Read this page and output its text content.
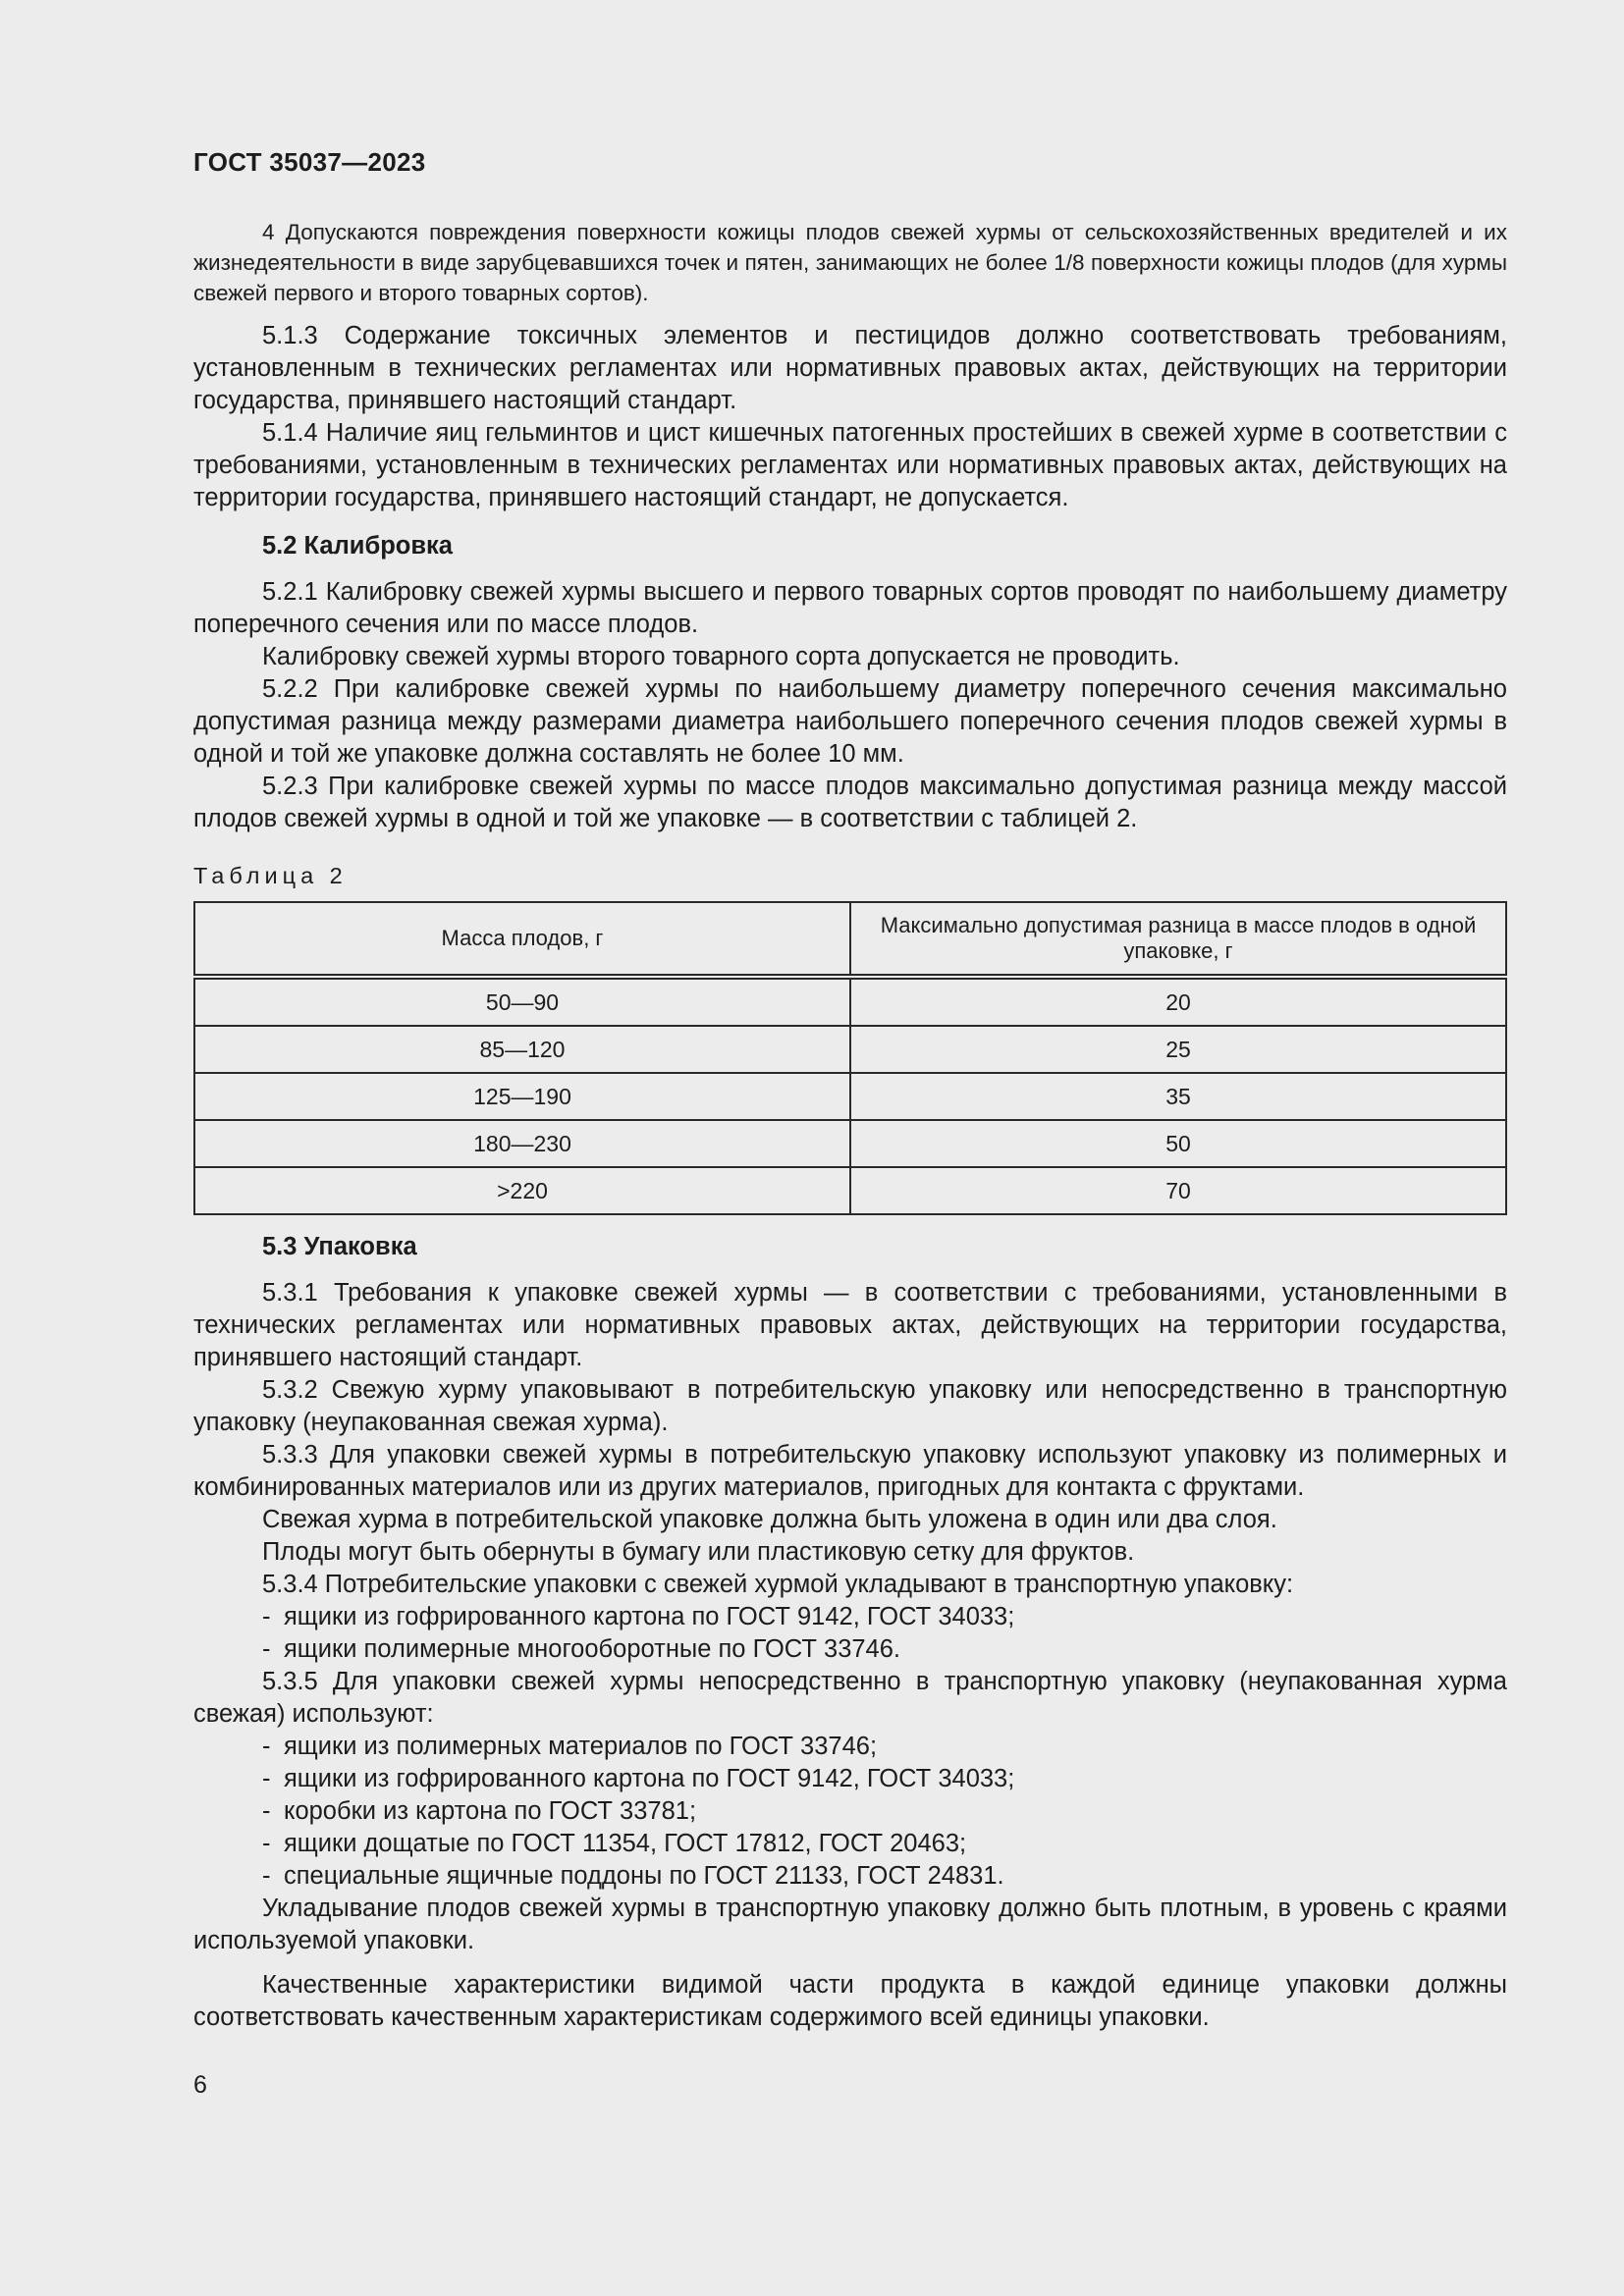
ГОСТ 35037—2023

4 Допускаются повреждения поверхности кожицы плодов свежей хурмы от сельскохозяйственных вредителей и их жизнедеятельности в виде зарубцевавшихся точек и пятен, занимающих не более 1/8 поверхности кожицы плодов (для хурмы свежей первого и второго товарных сортов).

5.1.3 Содержание токсичных элементов и пестицидов должно соответствовать требованиям, установленным в технических регламентах или нормативных правовых актах, действующих на территории государства, принявшего настоящий стандарт.

5.1.4 Наличие яиц гельминтов и цист кишечных патогенных простейших в свежей хурме в соответствии с требованиями, установленным в технических регламентах или нормативных правовых актах, действующих на территории государства, принявшего настоящий стандарт, не допускается.

5.2 Калибровка

5.2.1 Калибровку свежей хурмы высшего и первого товарных сортов проводят по наибольшему диаметру поперечного сечения или по массе плодов.

Калибровку свежей хурмы второго товарного сорта допускается не проводить.

5.2.2 При калибровке свежей хурмы по наибольшему диаметру поперечного сечения максимально допустимая разница между размерами диаметра наибольшего поперечного сечения плодов свежей хурмы в одной и той же упаковке должна составлять не более 10 мм.

5.2.3 При калибровке свежей хурмы по массе плодов максимально допустимая разница между массой плодов свежей хурмы в одной и той же упаковке — в соответствии с таблицей 2.

Таблица 2
Масса плодов, г	Максимально допустимая разница в массе плодов в одной упаковке, г
50—90	20
85—120	25
125—190	35
180—230	50
>220	70
5.3 Упаковка

5.3.1 Требования к упаковке свежей хурмы — в соответствии с требованиями, установленными в технических регламентах или нормативных правовых актах, действующих на территории государства, принявшего настоящий стандарт.

5.3.2 Свежую хурму упаковывают в потребительскую упаковку или непосредственно в транспортную упаковку (неупакованная свежая хурма).

5.3.3 Для упаковки свежей хурмы в потребительскую упаковку используют упаковку из полимерных и комбинированных материалов или из других материалов, пригодных для контакта с фруктами.

Свежая хурма в потребительской упаковке должна быть уложена в один или два слоя.

Плоды могут быть обернуты в бумагу или пластиковую сетку для фруктов.

5.3.4 Потребительские упаковки с свежей хурмой укладывают в транспортную упаковку:

- ящики из гофрированного картона по ГОСТ 9142, ГОСТ 34033;
- ящики полимерные многооборотные по ГОСТ 33746.

5.3.5 Для упаковки свежей хурмы непосредственно в транспортную упаковку (неупакованная хурма свежая) используют:

- ящики из полимерных материалов по ГОСТ 33746;
- ящики из гофрированного картона по ГОСТ 9142, ГОСТ 34033;
- коробки из картона по ГОСТ 33781;
- ящики дощатые по ГОСТ 11354, ГОСТ 17812, ГОСТ 20463;
- специальные ящичные поддоны по ГОСТ 21133, ГОСТ 24831.

Укладывание плодов свежей хурмы в транспортную упаковку должно быть плотным, в уровень с краями используемой упаковки.

Качественные характеристики видимой части продукта в каждой единице упаковки должны соответствовать качественным характеристикам содержимого всей единицы упаковки.

6
